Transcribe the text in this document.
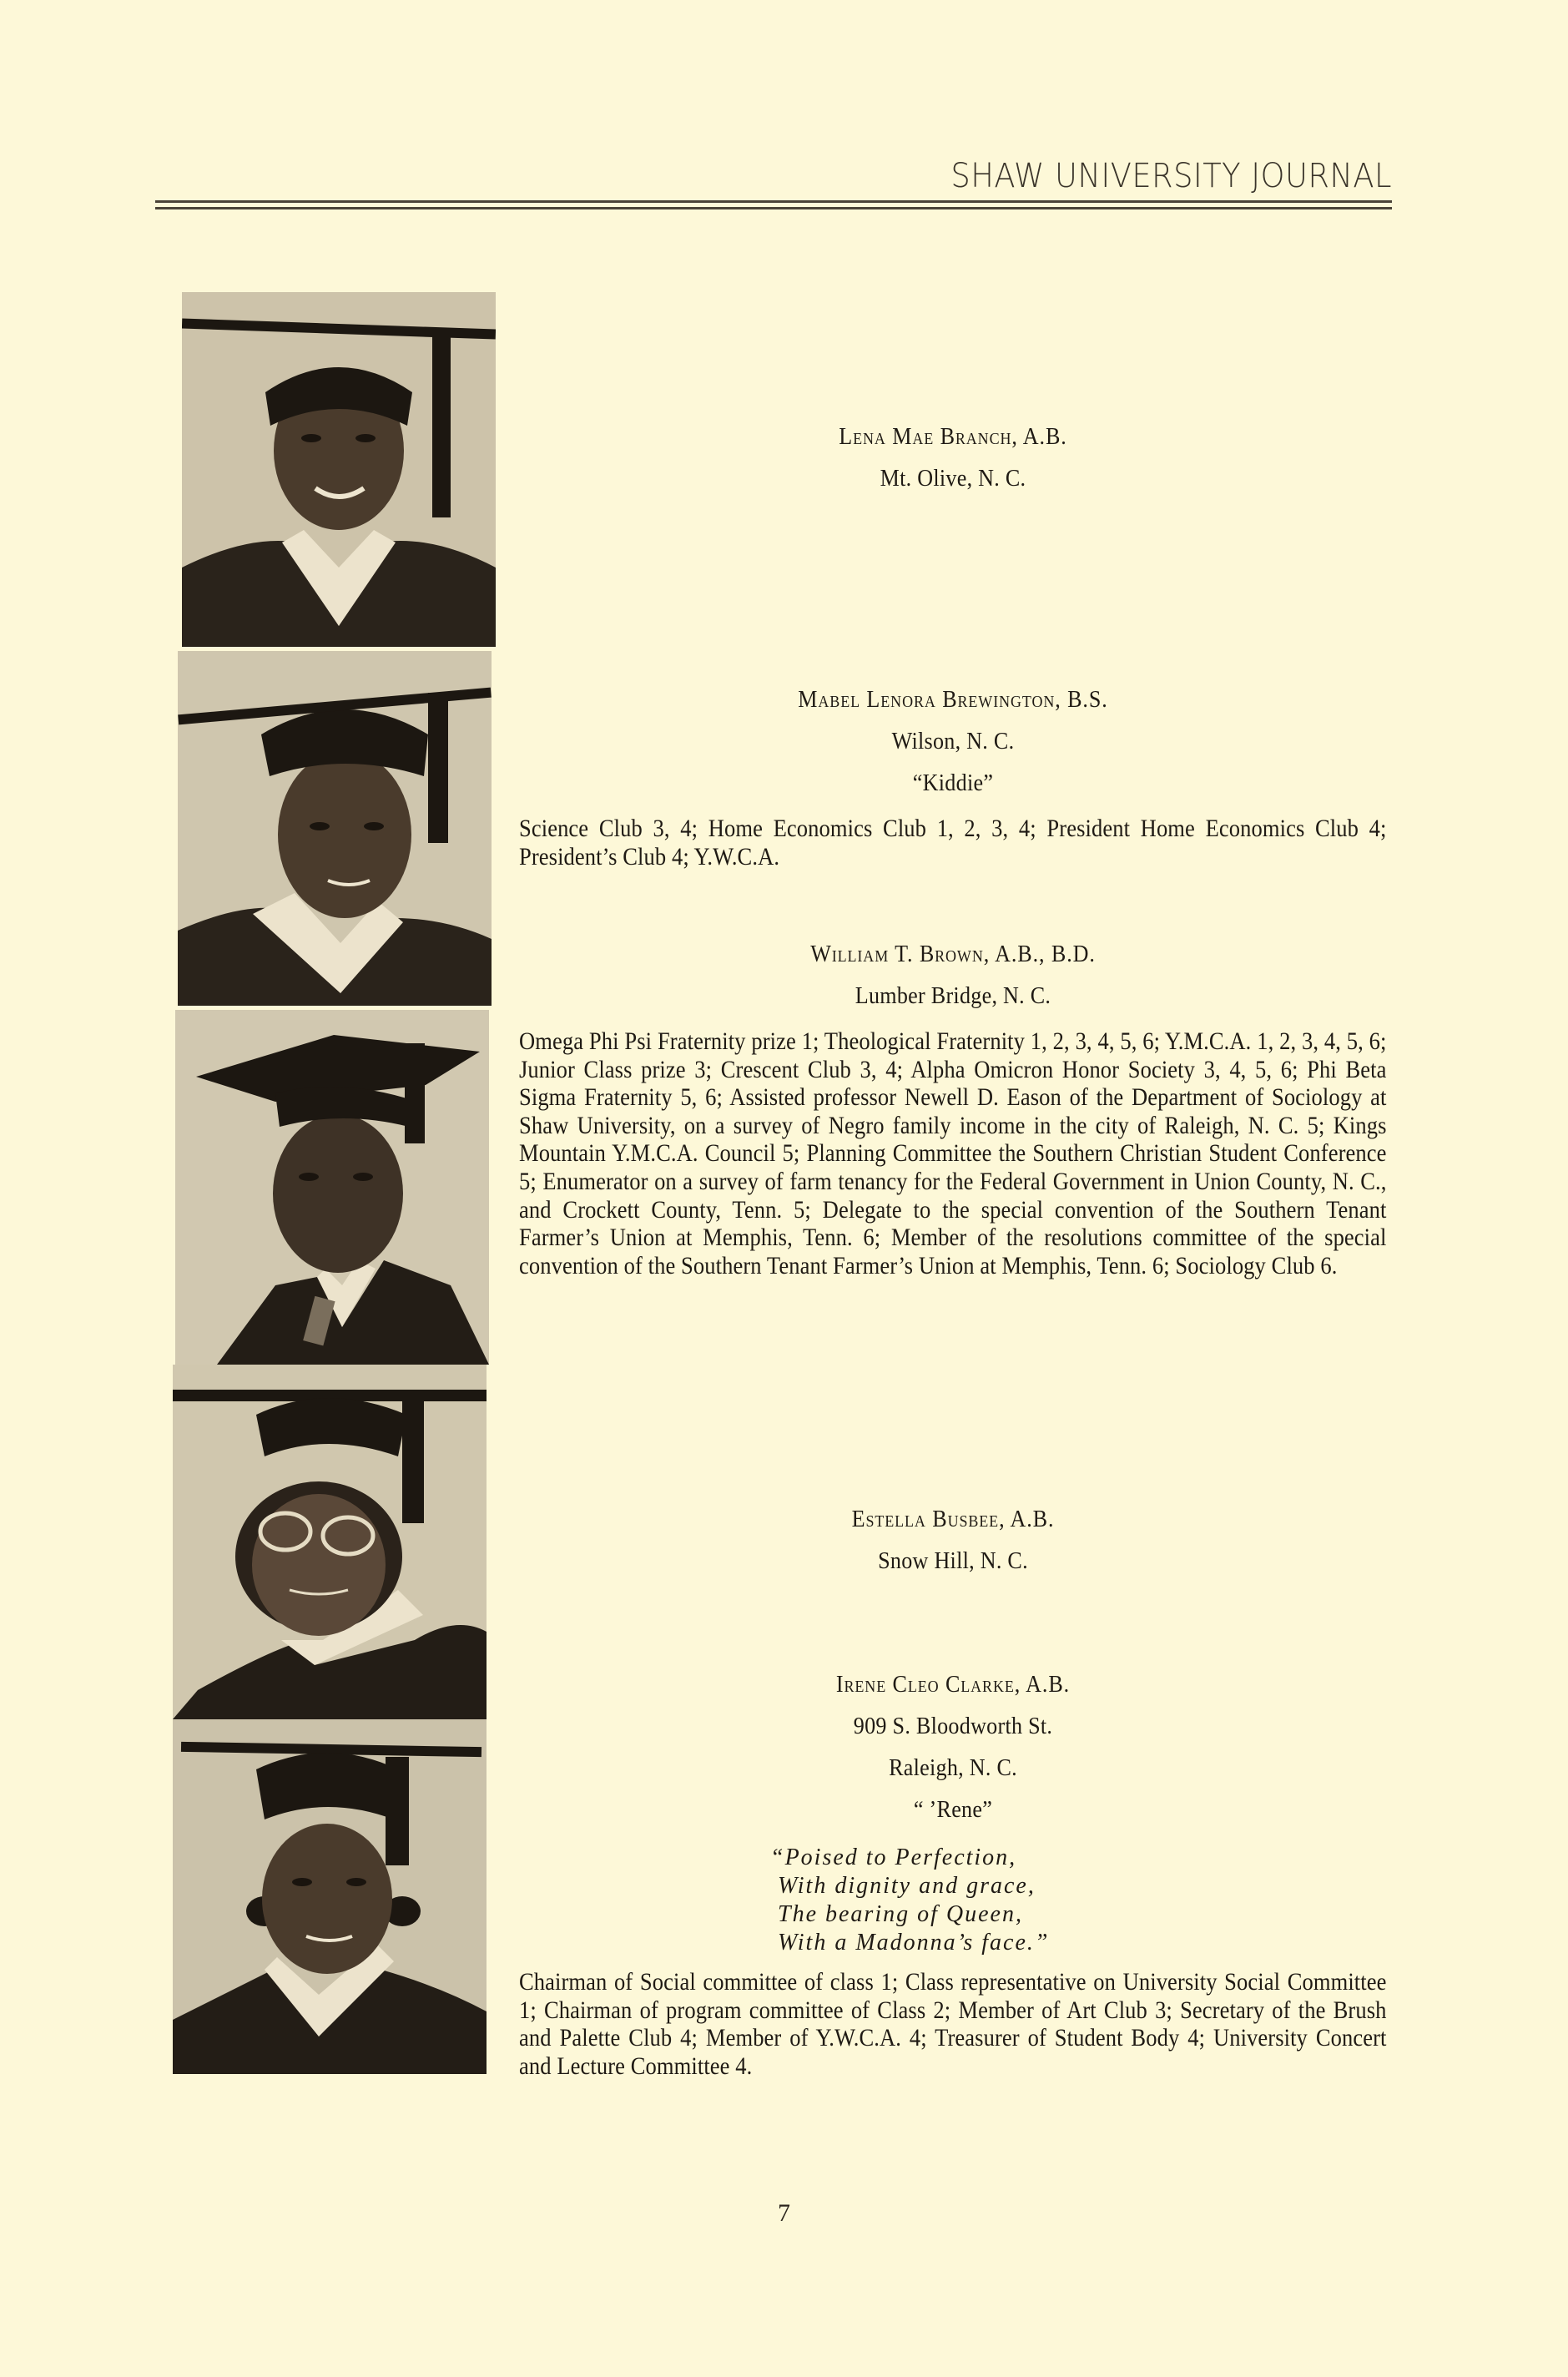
SHAW UNIVERSITY JOURNAL
Lena Mae Branch, A.B.
Mt. Olive, N. C.
Mabel Lenora Brewington, B.S.
Wilson, N. C.
“Kiddie”
Science Club 3, 4; Home Economics Club 1, 2, 3, 4; President Home Economics Club 4; President’s Club 4; Y.W.C.A.
William T. Brown, A.B., B.D.
Lumber Bridge, N. C.
Omega Phi Psi Fraternity prize 1; Theological Fraternity 1, 2, 3, 4, 5, 6; Y.M.C.A. 1, 2, 3, 4, 5, 6; Junior Class prize 3; Crescent Club 3, 4; Alpha Omicron Honor Society 3, 4, 5, 6; Phi Beta Sigma Fraternity 5, 6; Assisted professor Newell D. Eason of the Department of Sociology at Shaw University, on a survey of Negro family income in the city of Raleigh, N. C. 5; Kings Mountain Y.M.C.A. Council 5; Planning Committee the Southern Christian Student Conference 5; Enumerator on a survey of farm tenancy for the Federal Government in Union County, N. C., and Crockett County, Tenn. 5; Delegate to the special convention of the Southern Tenant Farmer’s Union at Memphis, Tenn. 6; Member of the resolutions committee of the special convention of the Southern Tenant Farmer’s Union at Memphis, Tenn. 6; Sociology Club 6.
Estella Busbee, A.B.
Snow Hill, N. C.
Irene Cleo Clarke, A.B.
909 S. Bloodworth St.
Raleigh, N. C.
“ ’Rene”
“Poised to Perfection,
With dignity and grace,
The bearing of Queen,
With a Madonna’s face.”
Chairman of Social committee of class 1; Class representative on University Social Committee 1; Chairman of program committee of Class 2; Member of Art Club 3; Secretary of the Brush and Palette Club 4; Member of Y.W.C.A. 4; Treasurer of Student Body 4; University Concert and Lecture Committee 4.
7
